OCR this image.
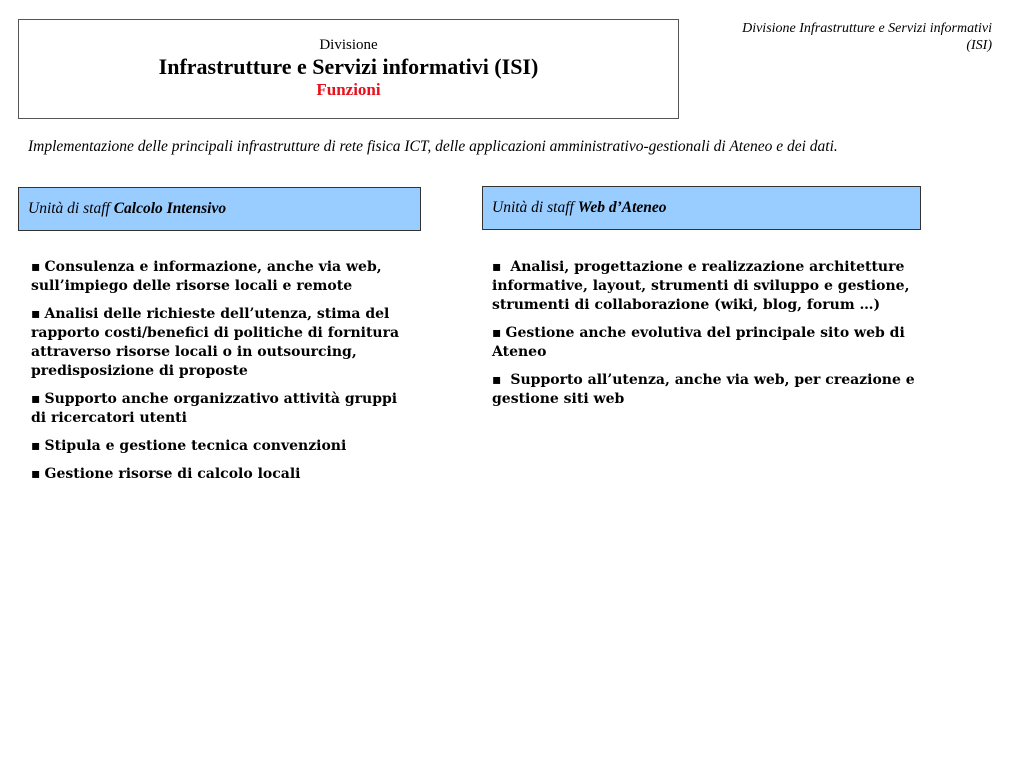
Divisione Infrastrutture e Servizi informativi
(ISI)
Divisione
Infrastrutture e Servizi informativi (ISI)
Funzioni
Implementazione delle principali infrastrutture di rete fisica ICT, delle applicazioni amministrativo-gestionali di Ateneo e dei dati.
Unità di staff Calcolo Intensivo	Unità di staff Web d’Ateneo
▪ Consulenza e informazione, anche via web, sull’impiego delle risorse locali e remote
▪ Analisi delle richieste dell’utenza, stima del rapporto costi/benefici di politiche di fornitura attraverso risorse locali o in outsourcing, predisposizione di proposte
▪ Supporto anche organizzativo attività gruppi di ricercatori utenti
▪ Stipula e gestione tecnica convenzioni
▪ Gestione risorse di calcolo locali
▪ Analisi, progettazione e realizzazione architetture informative, layout, strumenti di sviluppo e gestione, strumenti di collaborazione (wiki, blog, forum …)
▪ Gestione anche evolutiva del principale sito web di Ateneo
▪ Supporto all’utenza, anche via web, per creazione e gestione siti web
